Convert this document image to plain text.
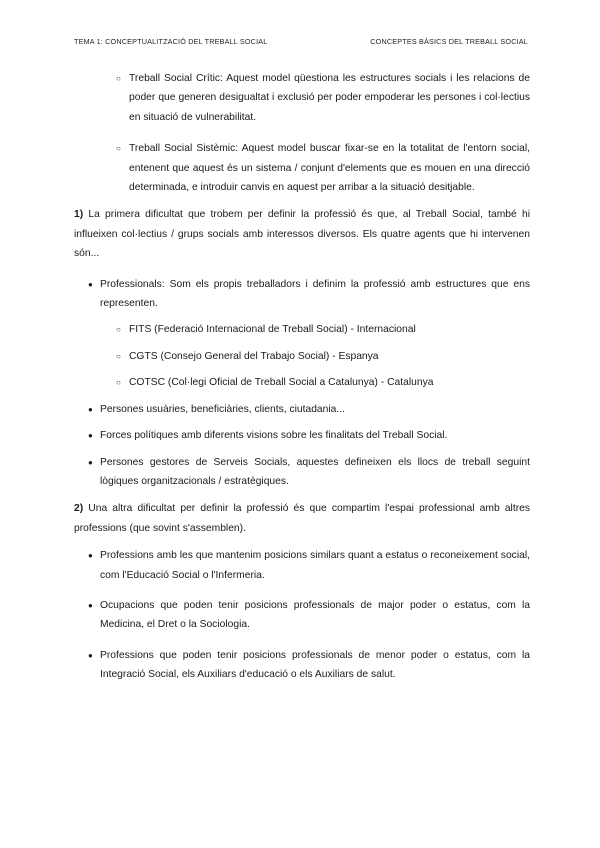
TEMA 1: CONCEPTUALITZACIÓ DEL TREBALL SOCIAL	CONCEPTES BÀSICS DEL TREBALL SOCIAL

○ Treball Social Crític: Aquest model qüestiona les estructures socials i les relacions de poder que generen desigualtat i exclusió per poder empoderar les persones i col·lectius en situació de vulnerabilitat.

○ Treball Social Sistèmic: Aquest model buscar fixar-se en la totalitat de l'entorn social, entenent que aquest és un sistema / conjunt d'elements que es mouen en una direcció determinada, e introduir canvis en aquest per arribar a la situació desitjable.

1) La primera dificultat que trobem per definir la professió és que, al Treball Social, també hi influeixen col·lectius / grups socials amb interessos diversos. Els quatre agents que hi intervenen són...

● Professionals: Som els propis treballadors i definim la professió amb estructures que ens representen.

○ FITS (Federació Internacional de Treball Social) - Internacional

○ CGTS (Consejo General del Trabajo Social) - Espanya

○ COTSC (Col·legi Oficial de Treball Social a Catalunya) - Catalunya

● Persones usuàries, beneficiàries, clients, ciutadania...

● Forces polítiques amb diferents visions sobre les finalitats del Treball Social.

● Persones gestores de Serveis Socials, aquestes defineixen els llocs de treball seguint lògiques organitzacionals / estratègiques.

2) Una altra dificultat per definir la professió és que compartim l'espai professional amb altres professions (que sovint s'assemblen).

● Professions amb les que mantenim posicions similars quant a estatus o reconeixement social, com l'Educació Social o l'Infermeria.

● Ocupacions que poden tenir posicions professionals de major poder o estatus, com la Medicina, el Dret o la Sociologia.

● Professions que poden tenir posicions professionals de menor poder o estatus, com la Integració Social, els Auxiliars d'educació o els Auxiliars de salut.
